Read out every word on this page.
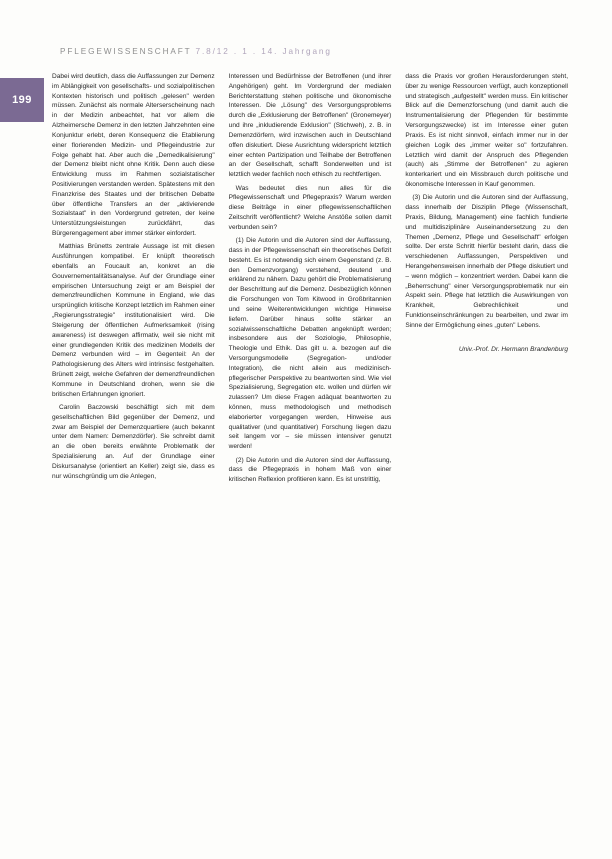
PFLEGEWISSENSCHAFT 7.8/12 . 1 . 14. Jahrgang
199

Dabei wird deutlich, dass die Auffassungen zur Demenz im Ablängigkeit von gesellschafts- und sozialpolitischen Kontexten historisch und politisch „gelesen" werden müssen. Zunächst als normale Alterserscheinung nach in der Medizin anbeachtet, hat vor allem die Alzheimersche Demenz in den letzten Jahrzehnten eine Konjunktur erlebt, deren Konsequenz die Etablierung einer florierenden Medizin- und Pflegeindustrie zur Folge gehabt hat. Aber auch die „Demedikalisierung" der Demenz bleibt nicht ohne Kritik. Denn auch diese Entwicklung muss im Rahmen sozialstatischer Positivierungen verstanden werden. Spätestens mit den Finanzkrise des Staates und der britischen Debatte über öffentliche Transfers an der „aktivierende Sozialstaat" in den Vordergrund getreten, der keine Unterstützungsleistungen zurückfährt, das Bürgerengagement aber immer stärker einfordert.

Matthias Brünetts zentrale Aussage ist mit diesen Ausführungen kompatibel. Er knüpft theoretisch ebenfalls an Foucault an, konkret an die Gouvernementalitätsanalyse. Auf der Grundlage einer empirischen Untersuchung zeigt er am Beispiel der demenzfreundlichen Kommune in England, wie das ursprünglich kritische Konzept letztlich im Rahmen einer „Regierungsstrategie" institutionalisiert wird. Die Steigerung der öffentlichen Aufmerksamkeit (rising awareness) ist deswegen affirmativ, weil sie nicht mit einer grundlegenden Kritik des medizinen Modells der Demenz verbunden wird – im Gegenteil: An der Pathologisierung des Alters wird intrinsisc festgehalten. Brünett zeigt, welche Gefahren der demenzfreundlichen Kommune in Deutschland drohen, wenn sie die britischen Erfahrungen ignoriert.

Carolin Baczowski beschäftigt sich mit dem gesellschaftlichen Bild gegenüber der Demenz, und zwar am Beispiel der Demenzquartiere (auch bekannt unter dem Namen: Demenzdörfer). Sie schreibt damit an die oben bereits erwähnte Problematik der Spezialisierung an. Auf der Grundlage einer Diskursanalyse (orientiert an Keller) zeigt sie, dass es nur wünschgründig um die Anlegen,

Interessen und Bedürfnisse der Betroffenen (und ihrer Angehörigen) geht. Im Vordergrund der medialen Berichterstattung stehen politische und ökonomische Interessen. Die „Lösung" des Versorgungsproblems durch die „Exklusierung der Betroffenen" (Gronemeyer) und ihre „inkludierende Exklusion" (Stichweh), z. B. in Demenzdörfern, wird inzwischen auch in Deutschland offen diskutiert. Diese Ausrichtung widerspricht letztlich einer echten Partizipation und Teilhabe der Betroffenen an der Gesellschaft, schafft Sonderwelten und ist letztlich weder fachlich noch ethisch zu rechtfertigen.

Was bedeutet dies nun alles für die Pflegewissenschaft und Pflegepraxis? Warum werden diese Beiträge in einer pflegewissenschaftlichen Zeitschrift veröffentlicht? Welche Anstöße sollen damit verbunden sein?

(1) Die Autorin und die Autoren sind der Auffassung, dass in der Pflegewissenschaft ein theoretisches Defizit besteht. Es ist notwendig sich einem Gegenstand (z. B. den Demenzvorgang) verstehend, deutend und erklärend zu nähern. Dazu gehört die Problematisierung der Beschrittung auf die Demenz. Desbezüglich können die Forschungen von Tom Kitwood in Großbritannien und seine Weiterentwicklungen wichtige Hinweise liefern. Darüber hinaus sollte stärker an sozialwissenschaftliche Debatten angeknüpft werden; insbesondere aus der Soziologie, Philosophie, Theologie und Ethik. Das gilt u. a. bezogen auf die Versorgungsmodelle (Segregation- und/oder Integration), die nicht allein aus medizinisch-pflegerischer Perspektive zu beantworten sind. Wie viel Spezialisierung, Segregation etc. wollen und dürfen wir zulassen? Um diese Fragen adäquat beantworten zu können, muss methodologisch und methodisch elaborierter vorgegangen werden, Hinweise aus qualitativer (und quantitativer) Forschung liegen dazu seit langem vor – sie müssen intensiver genutzt werden!

(2) Die Autorin und die Autoren sind der Auffassung, dass die Pflegepraxis in hohem Maß von einer kritischen Reflexion profitieren kann. Es ist unstrittig,

dass die Praxis vor großen Herausforderungen steht, über zu wenige Ressourcen verfügt, auch konzeptionell und strategisch „aufgestellt" werden muss. Ein kritischer Blick auf die Demenzforschung (und damit auch die Instrumentalisierung der Pflegenden für bestimmte Versorgungszwecke) ist im Interesse einer guten Praxis. Es ist nicht sinnvoll, einfach immer nur in der gleichen Logik des „immer weiter so" fortzufahren. Letztlich wird damit der Anspruch des Pflegenden (auch) als „Stimme der Betroffenen" zu agieren konterkariert und ein Missbrauch durch politische und ökonomische Interessen in Kauf genommen.

(3) Die Autorin und die Autoren sind der Auffassung, dass innerhalb der Disziplin Pflege (Wissenschaft, Praxis, Bildung, Management) eine fachlich fundierte und multidisziplinäre Auseinandersetzung zu den Themen „Demenz, Pflege und Gesellschaft" erfolgen sollte. Der erste Schritt hierfür besteht darin, dass die verschiedenen Auffassungen, Perspektiven und Herangehensweisen innerhalb der Pflege diskutiert und – wenn möglich – konzentriert werden. Dabei kann die „Beherrschung" einer Versorgungsproblematik nur ein Aspekt sein. Pflege hat letztlich die Auswirkungen von Krankheit, Gebrechlichkeit und Funktionseinschränkungen zu bearbeiten, und zwar im Sinne der Ermöglichung eines „guten" Lebens.

Univ.-Prof. Dr. Hermann Brandenburg
